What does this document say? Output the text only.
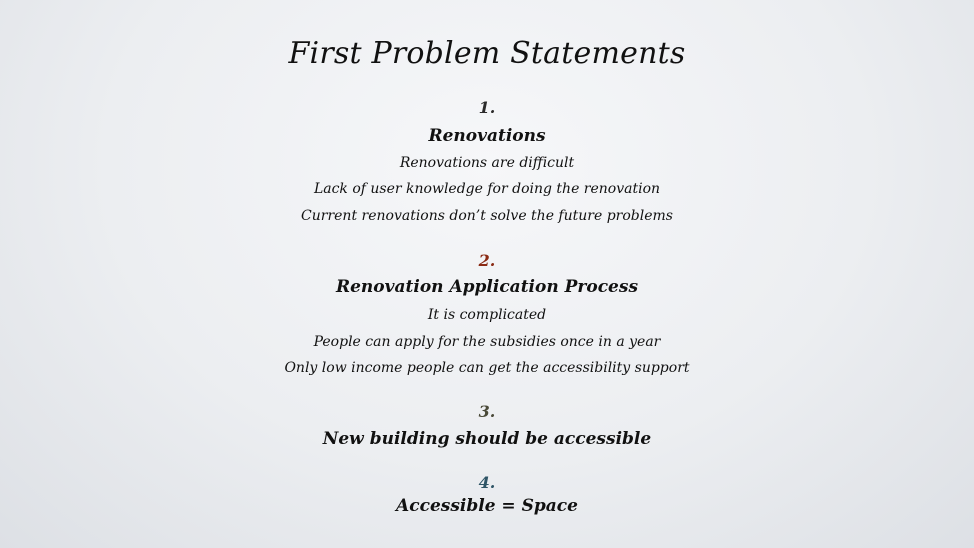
First Problem Statements
1.
Renovations
Renovations are difficult
Lack of user knowledge for doing the renovation
Current renovations don’t solve the future problems
2.
Renovation Application Process
It is complicated
People can apply for the subsidies once in a year
Only low income people can get the accessibility support
3.
New building should be accessible
4.
Accessible = Space
